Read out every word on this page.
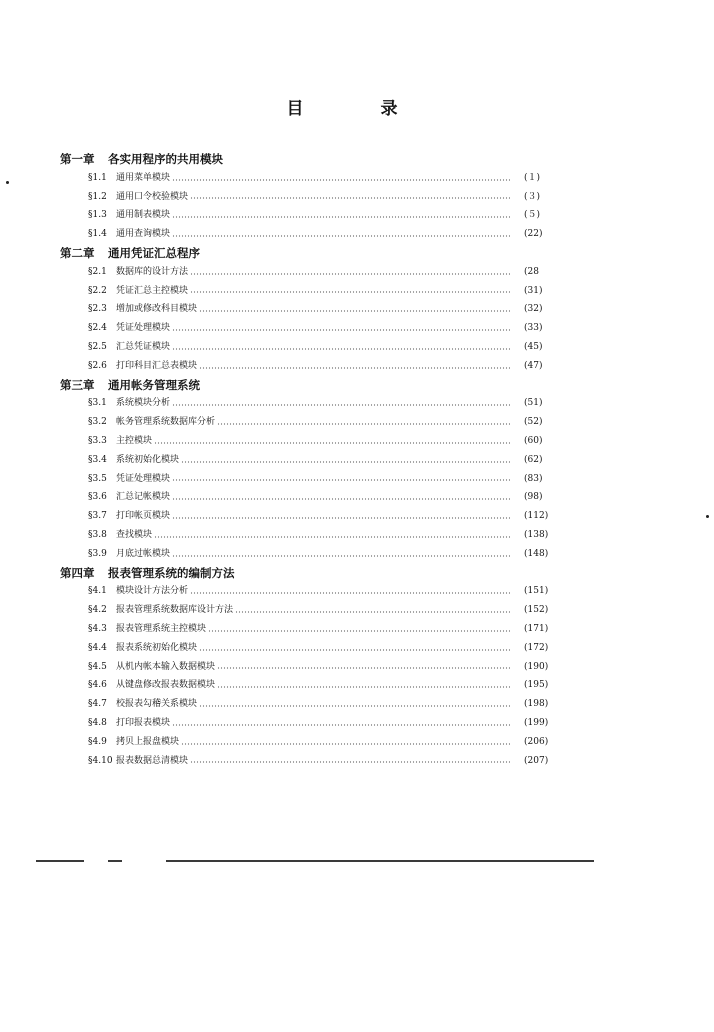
目　录
第一章 各实用程序的共用模块
§1.1	通用菜单模块	(１)
§1.2	通用口令校验模块	(３)
§1.3	通用制表模块	(５)
§1.4	通用查询模块	(22)
第二章 通用凭证汇总程序
§2.1	数据库的设计方法	(28
§2.2	凭证汇总主控模块	(31)
§2.3	增加或修改科目模块	(32)
§2.4	凭证处理模块	(33)
§2.5	汇总凭证模块	(45)
§2.6	打印科目汇总表模块	(47)
第三章 通用帐务管理系统
§3.1	系统模块分析	(51)
§3.2	帐务管理系统数据库分析	(52)
§3.3	主控模块	(60)
§3.4	系统初始化模块	(62)
§3.5	凭证处理模块	(83)
§3.6	汇总记帐模块	(98)
§3.7	打印帐页模块	(112)
§3.8	查找模块	(138)
§3.9	月底过帐模块	(148)
第四章 报表管理系统的编制方法
§4.1	模块设计方法分析	(151)
§4.2	报表管理系统数据库设计方法	(152)
§4.3	报表管理系统主控模块	(171)
§4.4	报表系统初始化模块	(172)
§4.5	从机内帐本输入数据模块	(190)
§4.6	从键盘修改报表数据模块	(195)
§4.7	校报表勾稽关系模块	(198)
§4.8	打印报表模块	(199)
§4.9	拷贝上报盘模块	(206)
§4.10 报表数据总清模块	(207)
